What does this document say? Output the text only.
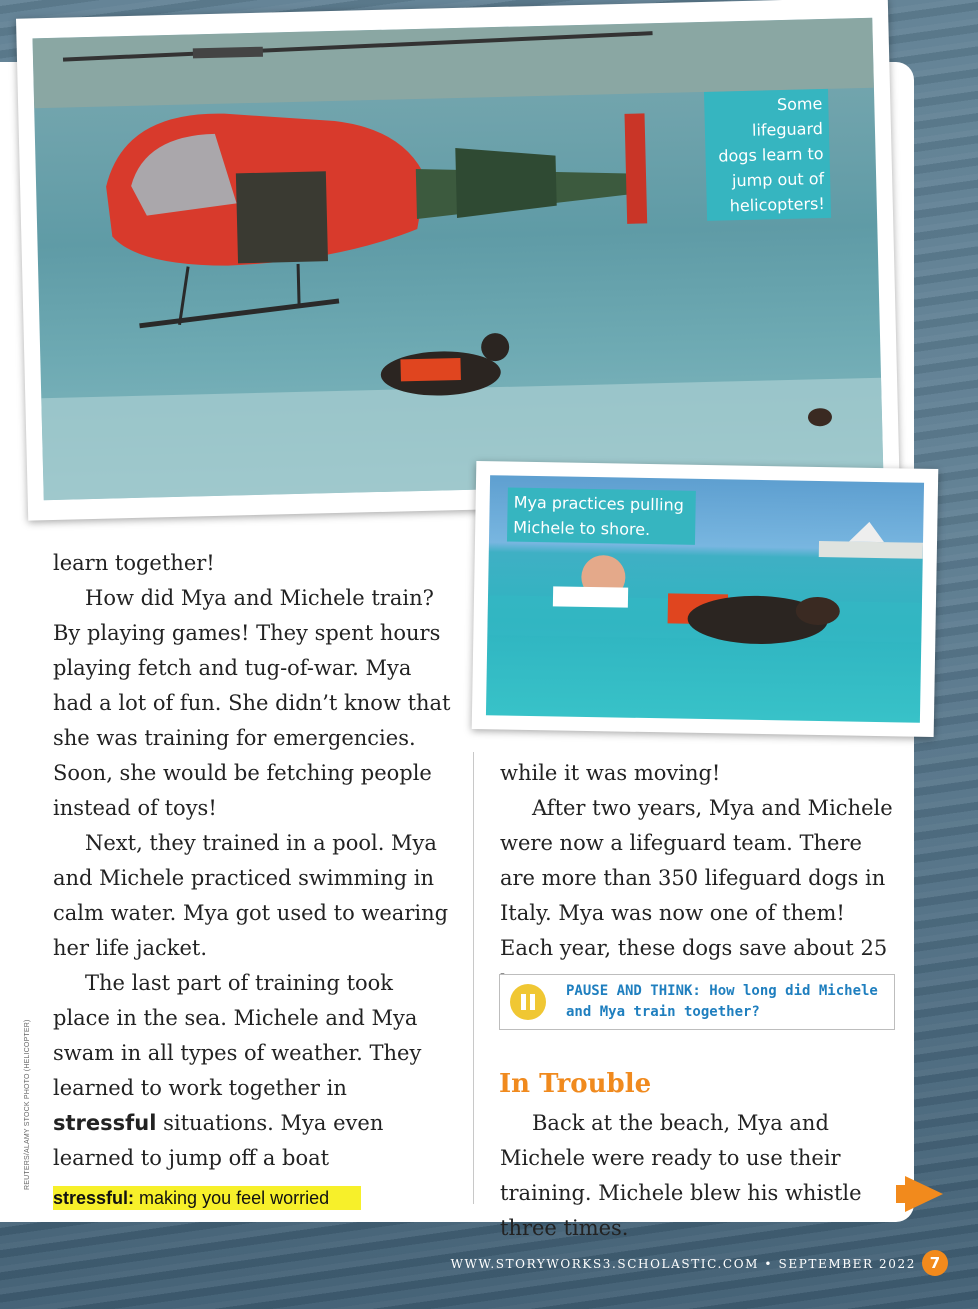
Some lifeguard dogs learn to jump out of helicopters!
Mya practices pulling Michele to shore.

learn together!

How did Mya and Michele train? By playing games! They spent hours playing fetch and tug-of-war. Mya had a lot of fun. She didn’t know that she was training for emergencies. Soon, she would be fetching people instead of toys!

Next, they trained in a pool. Mya and Michele practiced swimming in calm water. Mya got used to wearing her life jacket.

The last part of training took place in the sea. Michele and Mya swam in all types of weather. They learned to work together in stressful situations. Mya even learned to jump off a boat

while it was moving!

After two years, Mya and Michele were now a lifeguard team. There are more than 350 lifeguard dogs in Italy. Mya was now one of them! Each year, these dogs save about 25

PAUSE AND THINK: How long did Michele and Mya train together?
In Trouble

Back at the beach, Mya and Michele were ready to use their training. Michele blew his whistle three times.

stressful: making you feel worried
REUTERS/ALAMY STOCK PHOTO (HELICOPTER)
WWW.STORYWORKS3.SCHOLASTIC.COM • SEPTEMBER 2022 7
